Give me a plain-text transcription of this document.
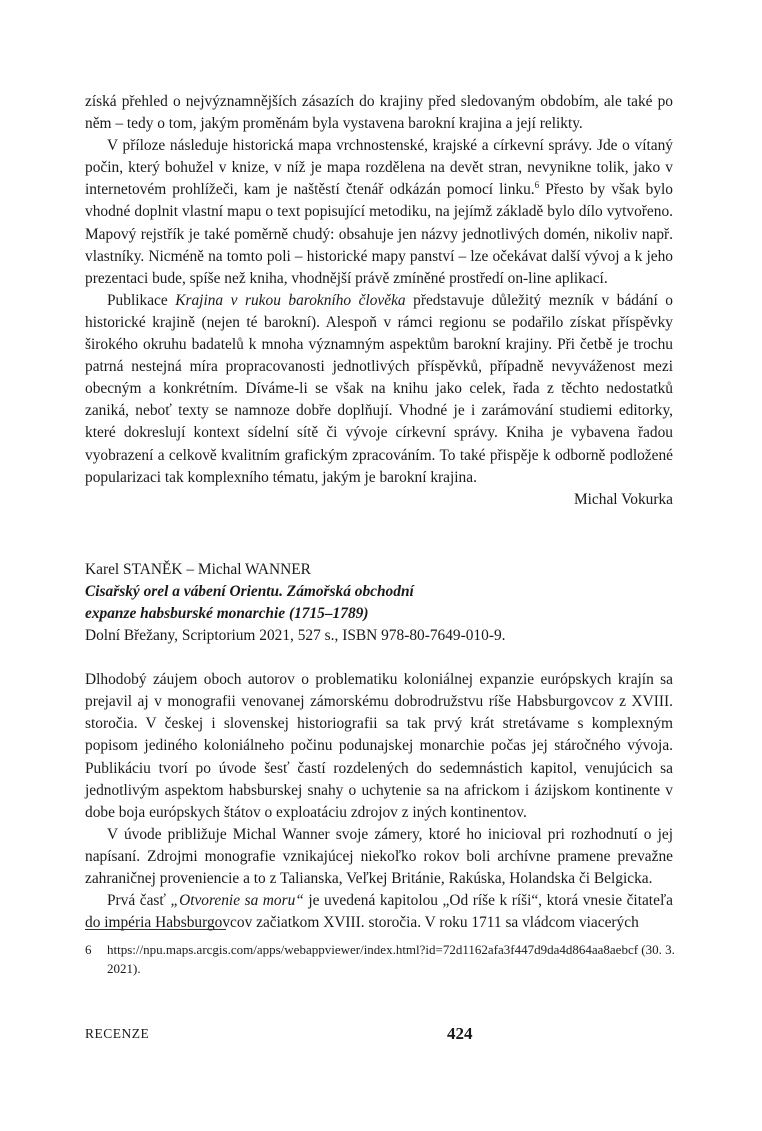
získá přehled o nejvýznamnějších zásazích do krajiny před sledovaným obdobím, ale také po něm – tedy o tom, jakým proměnám byla vystavena barokní krajina a její relikty.

V příloze následuje historická mapa vrchnostenské, krajské a církevní správy. Jde o vítaný počin, který bohužel v knize, v níž je mapa rozdělena na devět stran, nevynikne tolik, jako v internetovém prohlížeči, kam je naštěstí čtenář odkázán pomocí linku.$^6$ Přesto by však bylo vhodné doplnit vlastní mapu o text popisující metodiku, na jejímž základě bylo dílo vytvořeno. Mapový rejstřík je také poměrně chudý: obsahuje jen názvy jednotlivých domén, nikoliv např. vlastníky. Nicméně na tomto poli – historické mapy panství – lze očekávat další vývoj a k jeho prezentaci bude, spíše než kniha, vhodnější právě zmíněné prostředí on-line aplikací.

Publikace Krajina v rukou barokního člověka představuje důležitý mezník v bádání o historické krajině (nejen té barokní). Alespoň v rámci regionu se podařilo získat příspěvky širokého okruhu badatelů k mnoha významným aspektům barokní krajiny. Při četbě je trochu patrná nestejná míra propracovanosti jednotlivých příspěvků, případně nevyváženost mezi obecným a konkrétním. Díváme-li se však na knihu jako celek, řada z těchto nedostatků zaniká, neboť texty se namnoze dobře doplňují. Vhodné je i zarámování studiemi editorky, které dokreslují kontext sídelní sítě či vývoje církevní správy. Kniha je vybavena řadou vyobrazení a celkově kvalitním grafickým zpracováním. To také přispěje k odborně podložené popularizaci tak komplexního tématu, jakým je barokní krajina.

Michal Vokurka
Karel STANĚK – Michal WANNER
Cisařský orel a vábení Orientu. Zámořská obchodní
expanze habsburské monarchie (1715–1789)
Dolní Břežany, Scriptorium 2021, 527 s., ISBN 978-80-7649-010-9.

Dlhodobý záujem oboch autorov o problematiku koloniálnej expanzie európskych krajín sa prejavil aj v monografii venovanej zámorskému dobrodružstvu ríše Habsburgovcov z XVIII. storočia. V českej i slovenskej historiografii sa tak prvý krát stretávame s komplexným popisom jediného koloniálneho počinu podunajskej monarchie počas jej stáročného vývoja. Publikáciu tvorí po úvode šesť častí rozdelených do sedemnástich kapitol, venujúcich sa jednotlivým aspektom habsburskej snahy o uchytenie sa na africkom i ázijskom kontinente v dobe boja európskych štátov o exploatáciu zdrojov z iných kontinentov.

V úvode približuje Michal Wanner svoje zámery, ktoré ho inicioval pri rozhodnutí o jej napísaní. Zdrojmi monografie vznikajúcej niekoľko rokov boli archívne pramene prevažne zahraničnej proveniencie a to z Talianska, Veľkej Británie, Rakúska, Holandska či Belgicka.

Prvá časť „Otvorenie sa moru“ je uvedená kapitolou „Od ríše k ríši“, ktorá vnesie čitateľa do impéria Habsburgovcov začiatkom XVIII. storočia. V roku 1711 sa vládcom viacerých

6 https://npu.maps.arcgis.com/apps/webappviewer/index.html?id=72d1162afa3f447d9da4d864aa8aebcf (30. 3. 2021).
RECENZE	424
